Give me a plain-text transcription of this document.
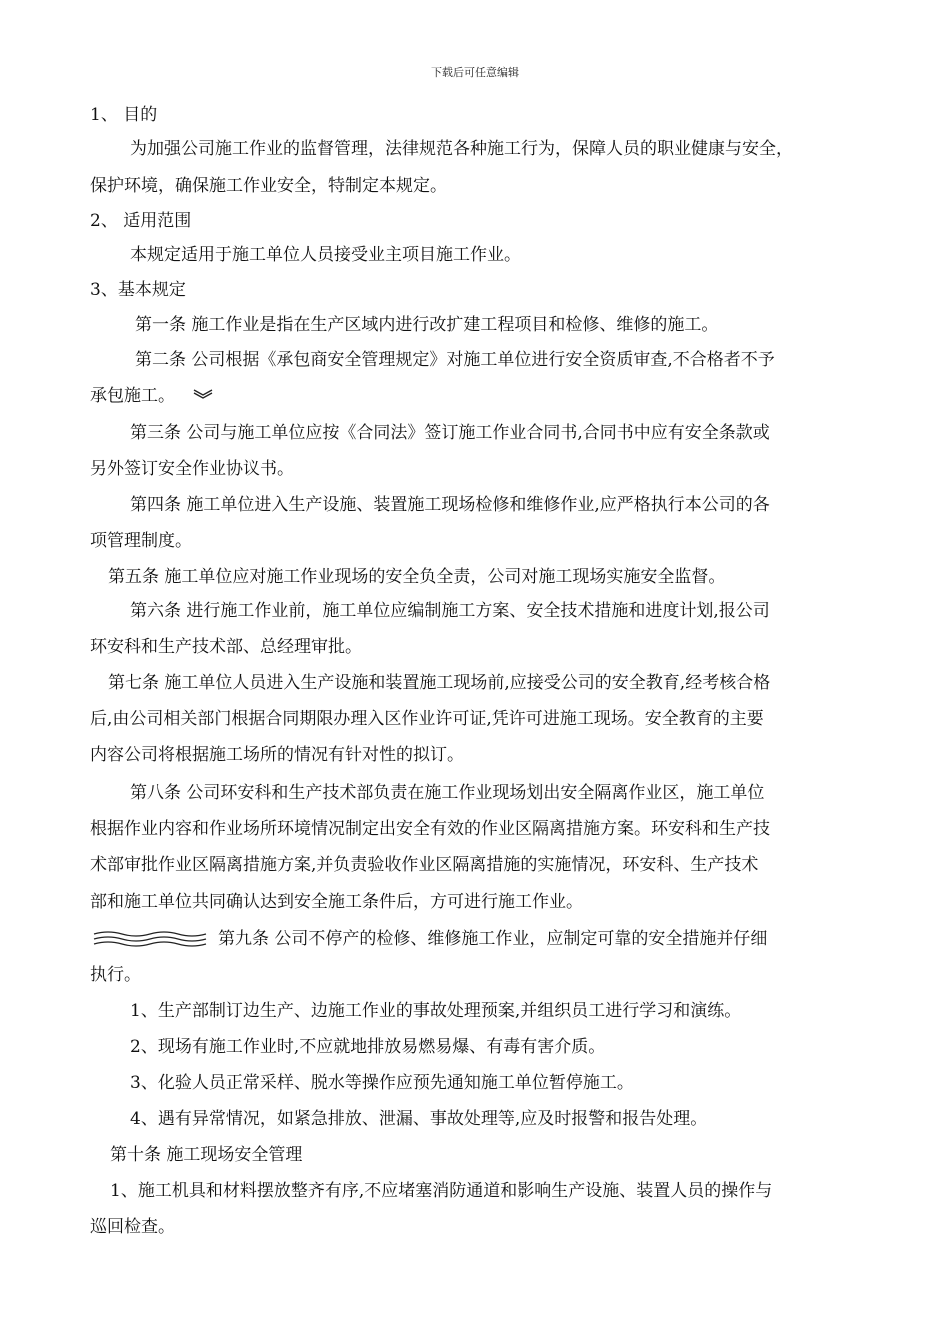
下载后可任意编辑
1、 目的
为加强公司施工作业的监督管理，法律规范各种施工行为，保障人员的职业健康与安全，
保护环境，确保施工作业安全，特制定本规定。
2、 适用范围
本规定适用于施工单位人员接受业主项目施工作业。
3、基本规定
第一条 施工作业是指在生产区域内进行改扩建工程项目和检修、维修的施工。
第二条 公司根据《承包商安全管理规定》对施工单位进行安全资质审查,不合格者不予
承包施工。
第三条 公司与施工单位应按《合同法》签订施工作业合同书,合同书中应有安全条款或
另外签订安全作业协议书。
第四条 施工单位进入生产设施、装置施工现场检修和维修作业,应严格执行本公司的各
项管理制度。
第五条 施工单位应对施工作业现场的安全负全责，公司对施工现场实施安全监督。
第六条 进行施工作业前，施工单位应编制施工方案、安全技术措施和进度计划,报公司
环安科和生产技术部、总经理审批。
第七条 施工单位人员进入生产设施和装置施工现场前,应接受公司的安全教育,经考核合格
后,由公司相关部门根据合同期限办理入区作业许可证,凭许可进施工现场。安全教育的主要
内容公司将根据施工场所的情况有针对性的拟订。
第八条 公司环安科和生产技术部负责在施工作业现场划出安全隔离作业区，施工单位
根据作业内容和作业场所环境情况制定出安全有效的作业区隔离措施方案。环安科和生产技
术部审批作业区隔离措施方案,并负责验收作业区隔离措施的实施情况，环安科、生产技术
部和施工单位共同确认达到安全施工条件后，方可进行施工作业。
第九条 公司不停产的检修、维修施工作业，应制定可靠的安全措施并仔细
执行。
1、生产部制订边生产、边施工作业的事故处理预案,并组织员工进行学习和演练。
2、现场有施工作业时,不应就地排放易燃易爆、有毒有害介质。
3、化验人员正常采样、脱水等操作应预先通知施工单位暂停施工。
4、遇有异常情况，如紧急排放、泄漏、事故处理等,应及时报警和报告处理。
第十条 施工现场安全管理
1、施工机具和材料摆放整齐有序,不应堵塞消防通道和影响生产设施、装置人员的操作与
巡回检查。
